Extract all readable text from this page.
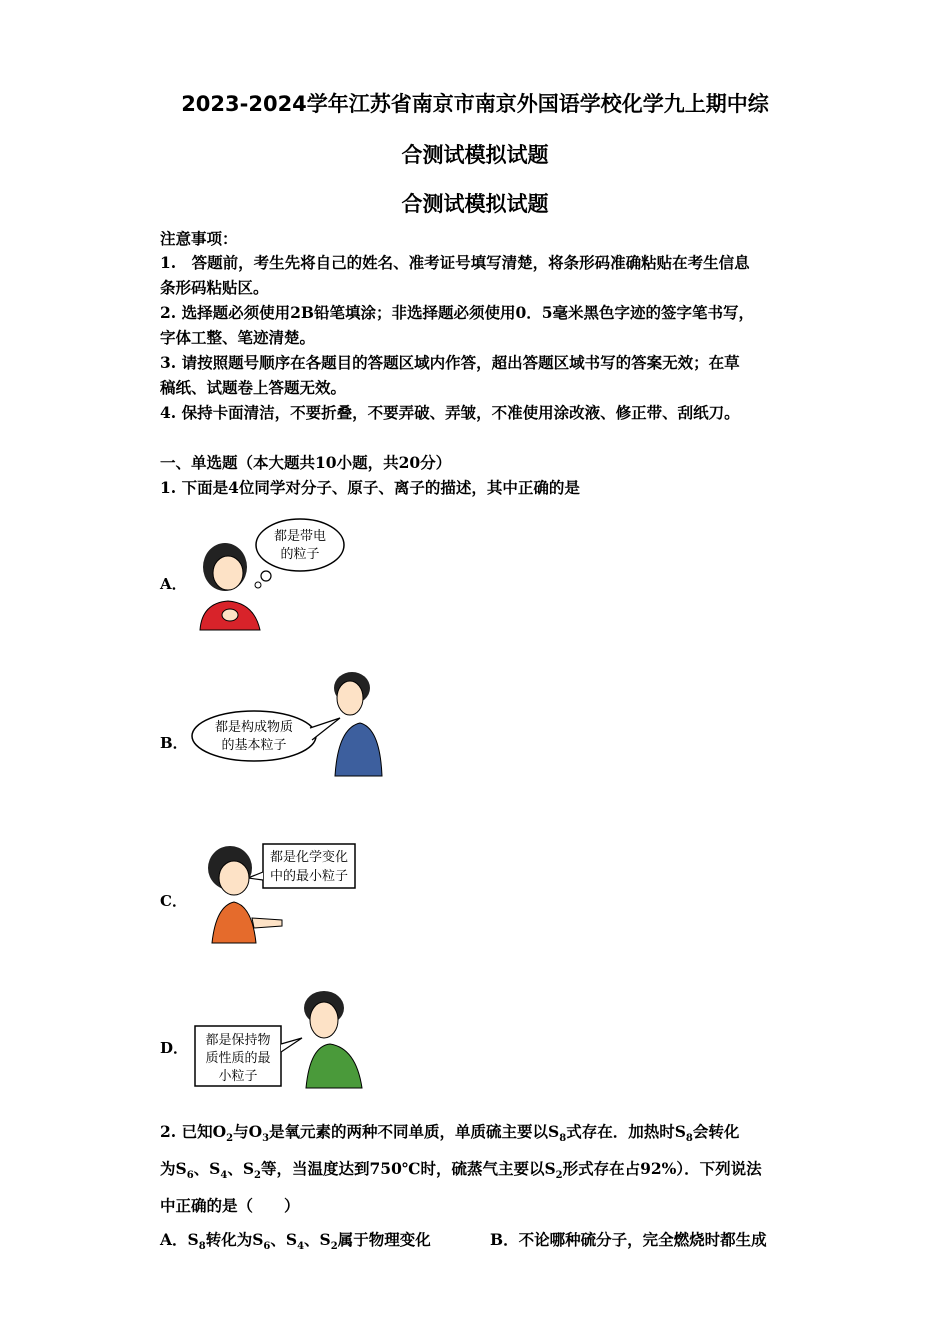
2023-2024学年江苏省南京市南京外国语学校化学九上期中综
合测试模拟试题
合测试模拟试题
注意事项：
1.　答题前，考生先将自己的姓名、准考证号填写清楚，将条形码准确粘贴在考生信息
条形码粘贴区。
2. 选择题必须使用2B铅笔填涂；非选择题必须使用0．5毫米黑色字迹的签字笔书写，
字体工整、笔迹清楚。
3. 请按照题号顺序在各题目的答题区域内作答，超出答题区域书写的答案无效；在草
稿纸、试题卷上答题无效。
4. 保持卡面清洁，不要折叠，不要弄破、弄皱，不准使用涂改液、修正带、刮纸刀。
一、单选题（本大题共10小题，共20分）
1. 下面是4位同学对分子、原子、离子的描述，其中正确的是
A．
都是带电
的粒子
B．
都是构成物质
的基本粒子
C．
都是化学变化
中的最小粒子
D． 都是保持物
质性质的最
小粒子
2. 已知$O_2$与$O_3$是氧元素的两种不同单质，单质硫主要以$S_8$式存在．加热时$S_8$会转化
为$S_6$、$S_4$、$S_2$等，当温度达到750℃时，硫蒸气主要以$S_2$形式存在占92%）．下列说法
中正确的是（　　）
A．$S_8$转化为$S_6$、$S_4$、$S_2$属于物理变化	B．不论哪种硫分子，完全燃烧时都生成
